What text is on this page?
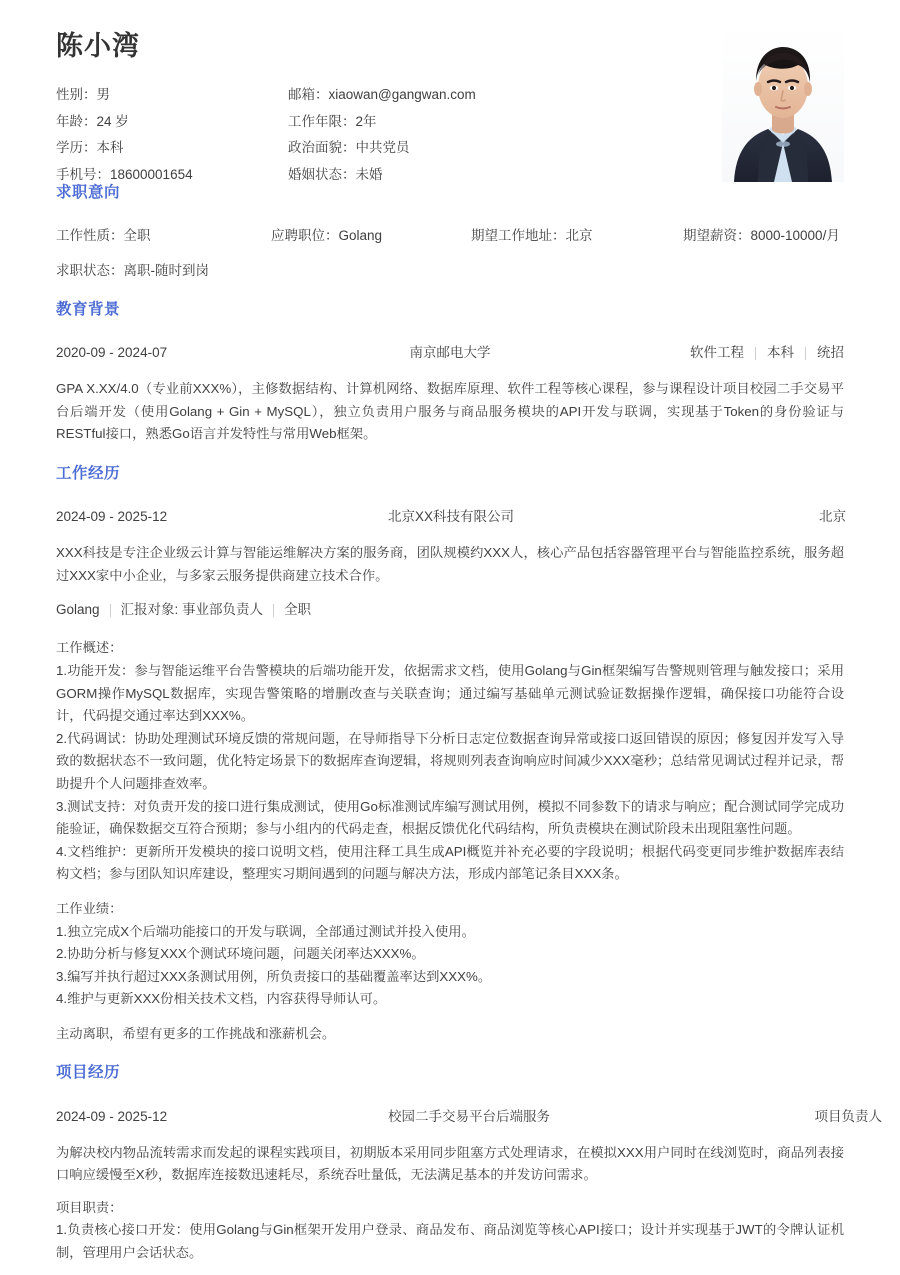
陈小湾
性别：男	邮箱：xiaowan@gangwan.com
年龄：24 岁	工作年限：2年
学历：本科	政治面貌：中共党员
手机号：18600001654	婚姻状态：未婚
求职意向
工作性质：全职	应聘职位：Golang	期望工作地址：北京	期望薪资：8000-10000/月
求职状态：离职-随时到岗
教育背景
2020-09 - 2024-07	南京邮电大学	软件工程 本科 统招

GPA X.XX/4.0（专业前XXX%），主修数据结构、计算机网络、数据库原理、软件工程等核心课程，参与课程设计项目校园二手交易平台后端开发（使用Golang + Gin + MySQL），独立负责用户服务与商品服务模块的API开发与联调，实现基于Token的身份验证与RESTful接口，熟悉Go语言并发特性与常用Web框架。

工作经历
2024-09 - 2025-12	北京XX科技有限公司	北京

XXX科技是专注企业级云计算与智能运维解决方案的服务商，团队规模约XXX人，核心产品包括容器管理平台与智能监控系统，服务超过XXX家中小企业，与多家云服务提供商建立技术合作。

Golang 汇报对象: 事业部负责人 全职

工作概述：

1.功能开发：参与智能运维平台告警模块的后端功能开发，依据需求文档，使用Golang与Gin框架编写告警规则管理与触发接口；采用GORM操作MySQL数据库，实现告警策略的增删改查与关联查询；通过编写基础单元测试验证数据操作逻辑，确保接口功能符合设计，代码提交通过率达到XXX%。

2.代码调试：协助处理测试环境反馈的常规问题，在导师指导下分析日志定位数据查询异常或接口返回错误的原因；修复因并发写入导致的数据状态不一致问题，优化特定场景下的数据库查询逻辑，将规则列表查询响应时间减少XXX毫秒；总结常见调试过程并记录，帮助提升个人问题排查效率。

3.测试支持：对负责开发的接口进行集成测试，使用Go标准测试库编写测试用例，模拟不同参数下的请求与响应；配合测试同学完成功能验证，确保数据交互符合预期；参与小组内的代码走查，根据反馈优化代码结构，所负责模块在测试阶段未出现阻塞性问题。

4.文档维护：更新所开发模块的接口说明文档，使用注释工具生成API概览并补充必要的字段说明；根据代码变更同步维护数据库表结构文档；参与团队知识库建设，整理实习期间遇到的问题与解决方法，形成内部笔记条目XXX条。

工作业绩：

1.独立完成X个后端功能接口的开发与联调，全部通过测试并投入使用。

2.协助分析与修复XXX个测试环境问题，问题关闭率达XXX%。

3.编写并执行超过XXX条测试用例，所负责接口的基础覆盖率达到XXX%。

4.维护与更新XXX份相关技术文档，内容获得导师认可。

主动离职，希望有更多的工作挑战和涨薪机会。

项目经历
2024-09 - 2025-12	校园二手交易平台后端服务	项目负责人

为解决校内物品流转需求而发起的课程实践项目，初期版本采用同步阻塞方式处理请求，在模拟XXX用户同时在线浏览时，商品列表接口响应缓慢至X秒，数据库连接数迅速耗尽，系统吞吐量低，无法满足基本的并发访问需求。

项目职责：

1.负责核心接口开发：使用Golang与Gin框架开发用户登录、商品发布、商品浏览等核心API接口；设计并实现基于JWT的令牌认证机制，管理用户会话状态。
